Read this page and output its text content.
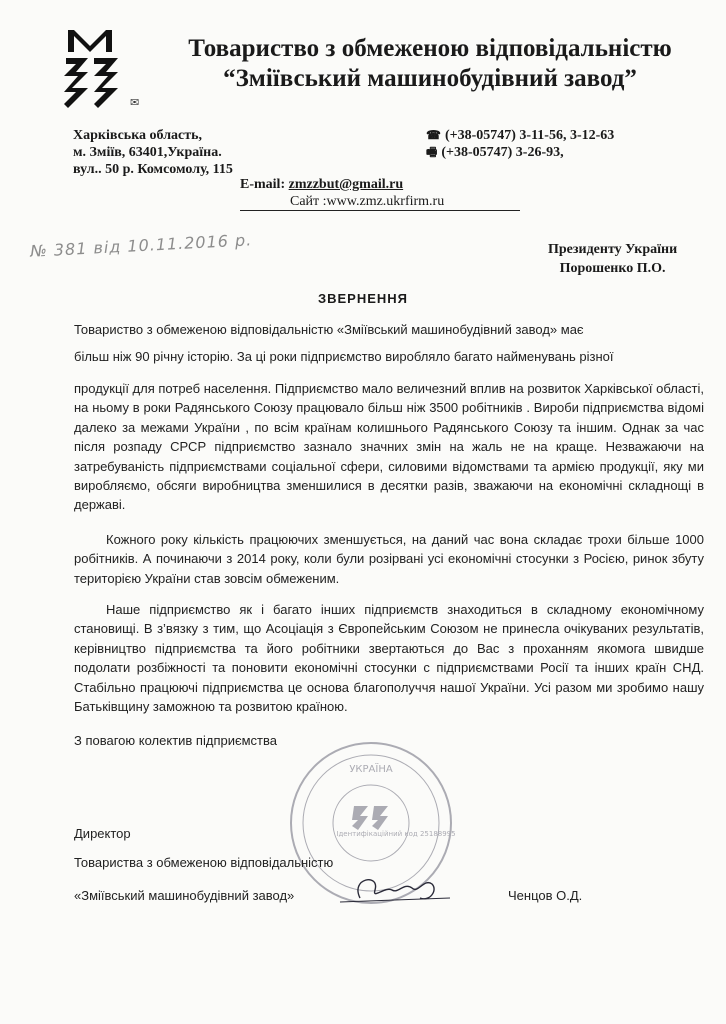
✉
Товариство з обмеженою відповідальністю
“Зміївський машинобудівний завод”
Харківська область,
м. Зміїв, 63401,Україна.
вул.. 50 р. Комсомолу, 115
☎ (+38-05747) 3-11-56, 3-12-63
🖷 (+38-05747) 3-26-93,
E-mail: zmzzbut@gmail.ru
Сайт :www.zmz.ukrfirm.ru
№ 381 від 10.11.2016 р.	Президенту України
Порошенко П.О.
ЗВЕРНЕННЯ
Товариство з обмеженою відповідальністю «Зміївський машинобудівний завод» має
більш ніж 90 річну історію. За ці роки підприємство виробляло багато найменувань різної
продукції для потреб населення. Підприємство мало величезний вплив на розвиток Харківської області, на ньому в роки Радянського Союзу працювало більш ніж 3500 робітників . Вироби підприємства відомі далеко за межами України , по всім країнам колишнього Радянського Союзу та іншим. Однак за час після розпаду СРСР підприємство зазнало значних змін на жаль не на краще. Незважаючи на затребуваність підприємствами соціальної сфери, силовими відомствами та армією продукції, яку ми виробляємо, обсяги виробництва зменшилися в десятки разів, зважаючи на економічні складнощі в державі.
Кожного року кількість працюючих зменшується, на даний час вона складає трохи більше 1000 робітників. А починаючи з 2014 року, коли були розірвані усі економічні стосунки з Росією, ринок збуту територією України став зовсім обмеженим.
Наше підприємство як і багато інших підприємств знаходиться в складному економічному становищі. В з’вязку з тим, що Асоціація з Європейським Союзом не принесла очікуваних результатів, керівництво підприємства та його робітники звертаються до Вас з проханням якомога швидше подолати розбіжності та поновити економічні стосунки с підприємствами Росії та інших країн СНД. Стабільно працюючі підприємства це основа благополуччя нашої України. Усі разом ми зробимо нашу Батьківщину заможною та розвитою країною.
З повагою колектив підприємства
УКРАЇНА
Ідентифікаційний код 25188995
Директор
Товариства з обмеженою відповідальністю
«Зміївський машинобудівний завод»	Ченцов О.Д.
